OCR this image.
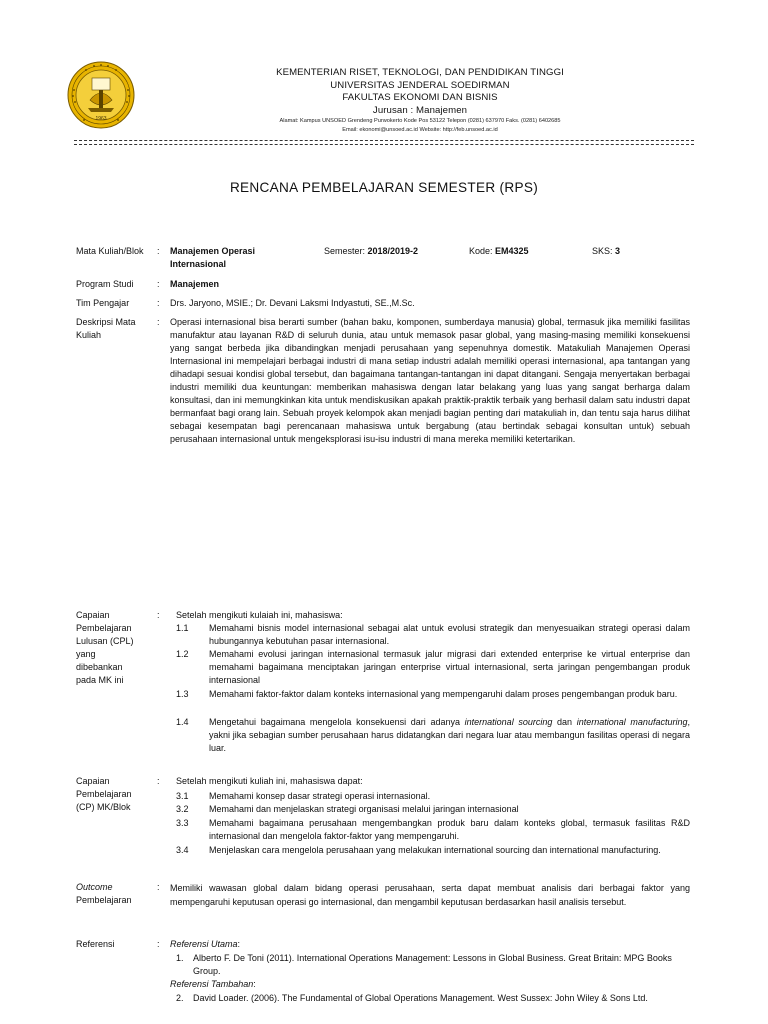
1963
KEMENTERIAN RISET, TEKNOLOGI, DAN PENDIDIKAN TINGGI
UNIVERSITAS JENDERAL SOEDIRMAN
FAKULTAS EKONOMI DAN BISNIS
Jurusan : Manajemen
Alamat: Kampus UNSOED Grendeng Purwokerto Kode Pos 53122 Telepon (0281) 637970 Faks. (0281) 6402685
Email: ekonomi@unsoed.ac.id Website: http://feb.unsoed.ac.id
RENCANA PEMBELAJARAN SEMESTER (RPS)
Mata Kuliah/Blok : Manajemen Operasi Internasional
Semester: 2018/2019-2	Kode: EM4325	SKS: 3
Program Studi	: Manajemen
Tim Pengajar	: Drs. Jaryono, MSIE.; Dr. Devani Laksmi Indyastuti, SE.,M.Sc.
Deskripsi Mata Kuliah
: Operasi internasional bisa berarti sumber (bahan baku, komponen, sumberdaya manusia) global, termasuk jika memiliki fasilitas manufaktur atau layanan R&D di seluruh dunia, atau untuk memasok pasar global, yang masing-masing memiliki konsekuensi yang sangat berbeda jika dibandingkan menjadi perusahaan yang sepenuhnya domestik. Matakuliah Manajemen Operasi Internasional ini mempelajari berbagai industri di mana setiap industri adalah memiliki operasi internasional, apa tantangan yang dihadapi sesuai kondisi global tersebut, dan bagaimana tantangan-tantangan ini dapat ditangani. Sengaja menyertakan berbagai industri memiliki dua keuntungan: memberikan mahasiswa dengan latar belakang yang luas yang sangat berharga dalam konsultasi, dan ini memungkinkan kita untuk mendiskusikan apakah praktik-praktik terbaik yang berhasil dalam satu industri dapat bermanfaat bagi orang lain. Sebuah proyek kelompok akan menjadi bagian penting dari matakuliah in, dan tentu saja harus dilihat sebagai kesempatan bagi perencanaan mahasiswa untuk bergabung (atau bertindak sebagai konsultan untuk) sebuah perusahaan internasional untuk mengeksplorasi isu-isu industri di mana mereka memiliki ketertarikan.
Capaian Pembelajaran Lulusan (CPL) yang dibebankan pada MK ini
: Setelah mengikuti kulaiah ini, mahasiswa:
1.1	Memahami bisnis model internasional sebagai alat untuk evolusi strategik dan menyesuaikan strategi operasi dalam hubungannya kebutuhan pasar internasional.
1.2	Memahami evolusi jaringan internasional termasuk jalur migrasi dari extended enterprise ke virtual enterprise dan memahami bagaimana menciptakan jaringan enterprise virtual internasional, serta jaringan pengembangan produk internasional
1.3	Memahami faktor-faktor dalam konteks internasional yang mempengaruhi dalam proses pengembangan produk baru.
1.4	Mengetahui bagaimana mengelola konsekuensi dari adanya international sourcing dan international manufacturing, yakni jika sebagian sumber perusahaan harus didatangkan dari negara luar atau membangun fasilitas operasi di negara luar.
Capaian Pembelajaran (CP) MK/Blok
: Setelah mengikuti kuliah ini, mahasiswa dapat:
3.1	Memahami konsep dasar strategi operasi internasional.
3.2	Memahami dan menjelaskan strategi organisasi melalui jaringan internasional
3.3	Memahami bagaimana perusahaan mengembangkan produk baru dalam konteks global, termasuk fasilitas R&D internasional dan mengelola faktor-faktor yang mempengaruhi.
3.4	Menjelaskan cara mengelola perusahaan yang melakukan international sourcing dan international manufacturing.
Outcome
Pembelajaran
: Memiliki wawasan global dalam bidang operasi perusahaan, serta dapat membuat analisis dari berbagai faktor yang mempengaruhi keputusan operasi go internasional, dan mengambil keputusan berdasarkan hasil analisis tersebut.
Referensi	: Referensi Utama:
1.	Alberto F. De Toni (2011). International Operations Management: Lessons in Global Business. Great Britain: MPG Books Group.
Referensi Tambahan:
2.	David Loader. (2006). The Fundamental of Global Operations Management. West Sussex: John Wiley & Sons Ltd.
